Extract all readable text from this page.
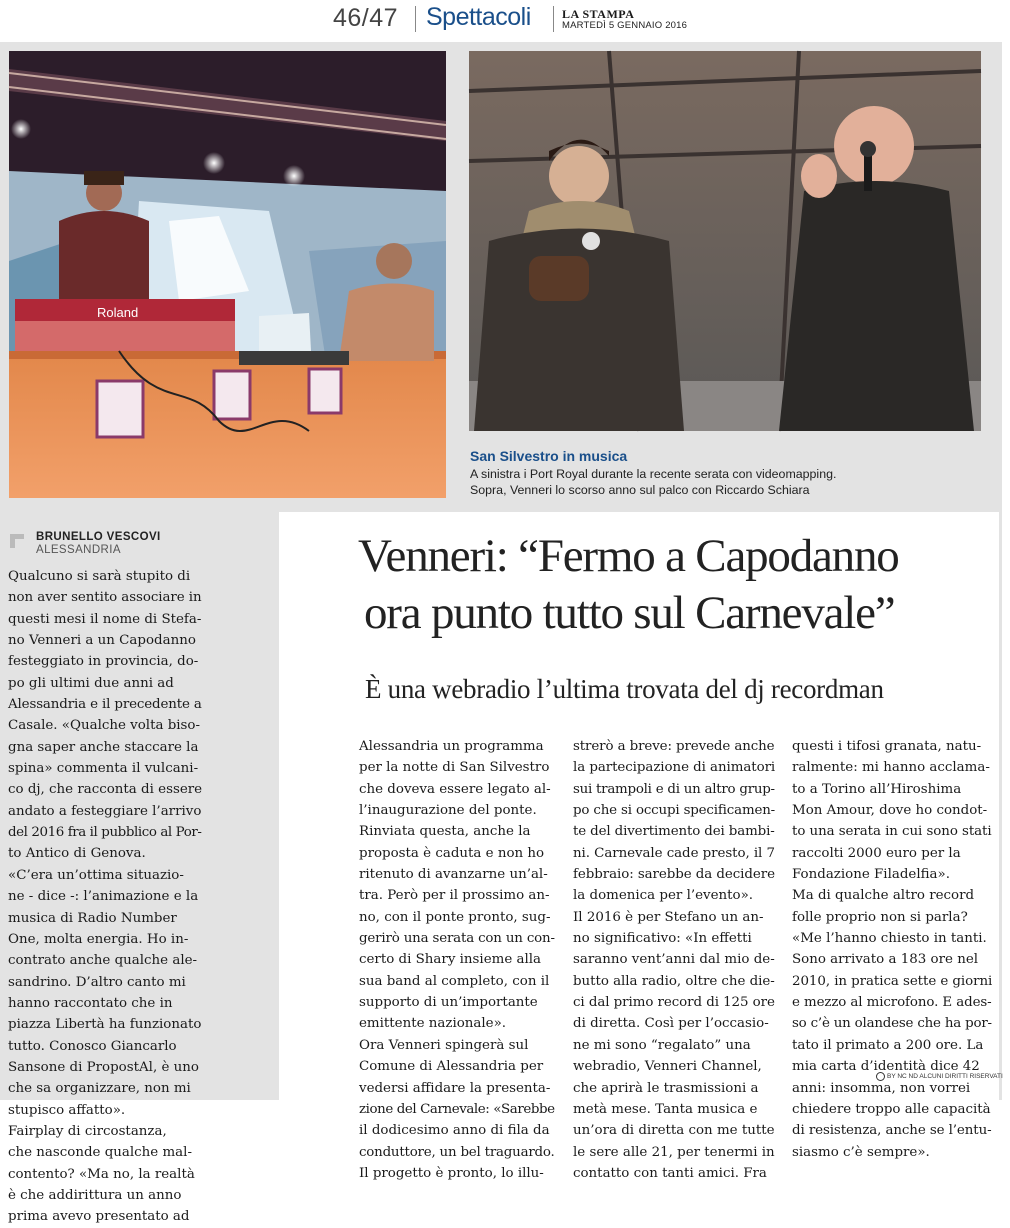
46/47 Spettacoli	LA STAMPA
MARTEDÌ 5 GENNAIO 2016
Roland
San Silvestro in musica
A sinistra i Port Royal durante la recente serata con videomapping.
Sopra, Venneri lo scorso anno sul palco con Riccardo Schiara
BRUNELLO VESCOVI
ALESSANDRIA	Venneri: “Fermo a Capodanno
ora punto tutto sul Carnevale”
È una webradio l’ultima trovata del dj recordman
Qualcuno si sarà stupito di
non aver sentito associare in
questi mesi il nome di Stefa-
no Venneri a un Capodanno
festeggiato in provincia, do-
po gli ultimi due anni ad
Alessandria e il precedente a
Casale. «Qualche volta biso-
gna saper anche staccare la
spina» commenta il vulcani-
co dj, che racconta di essere
andato a festeggiare l’arrivo
del 2016 fra il pubblico al Por-
to Antico di Genova.
«C’era un’ottima situazio-
ne - dice -: l’animazione e la
musica di Radio Number
One, molta energia. Ho in-
contrato anche qualche ale-
sandrino. D’altro canto mi
hanno raccontato che in
piazza Libertà ha funzionato
tutto. Conosco Giancarlo
Sansone di PropostAl, è uno
che sa organizzare, non mi
stupisco affatto».
Fairplay di circostanza,
che nasconde qualche mal-
contento? «Ma no, la realtà
è che addirittura un anno
prima avevo presentato ad
Alessandria un programma
per la notte di San Silvestro
che doveva essere legato al-
l’inaugurazione del ponte.
Rinviata questa, anche la
proposta è caduta e non ho
ritenuto di avanzarne un’al-
tra. Però per il prossimo an-
no, con il ponte pronto, sug-
gerirò una serata con un con-
certo di Shary insieme alla
sua band al completo, con il
supporto di un’importante
emittente nazionale».
Ora Venneri spingerà sul
Comune di Alessandria per
vedersi affidare la presenta-
zione del Carnevale: «Sarebbe
il dodicesimo anno di fila da
conduttore, un bel traguardo.
Il progetto è pronto, lo illu-
strerò a breve: prevede anche
la partecipazione di animatori
sui trampoli e di un altro grup-
po che si occupi specificamen-
te del divertimento dei bambi-
ni. Carnevale cade presto, il 7
febbraio: sarebbe da decidere
la domenica per l’evento».
Il 2016 è per Stefano un an-
no significativo: «In effetti
saranno vent’anni dal mio de-
butto alla radio, oltre che die-
ci dal primo record di 125 ore
di diretta. Così per l’occasio-
ne mi sono “regalato” una
webradio, Venneri Channel,
che aprirà le trasmissioni a
metà mese. Tanta musica e
un’ora di diretta con me tutte
le sere alle 21, per tenermi in
contatto con tanti amici. Fra
questi i tifosi granata, natu-
ralmente: mi hanno acclama-
to a Torino all’Hiroshima
Mon Amour, dove ho condot-
to una serata in cui sono stati
raccolti 2000 euro per la
Fondazione Filadelfia».
Ma di qualche altro record
folle proprio non si parla?
«Me l’hanno chiesto in tanti.
Sono arrivato a 183 ore nel
2010, in pratica sette e giorni
e mezzo al microfono. E ades-
so c’è un olandese che ha por-
tato il primato a 200 ore. La
mia carta d’identità dice 42
anni: insomma, non vorrei
chiedere troppo alle capacità
di resistenza, anche se l’entu-
siasmo c’è sempre».
BY NC ND ALCUNI DIRITTI RISERVATI
